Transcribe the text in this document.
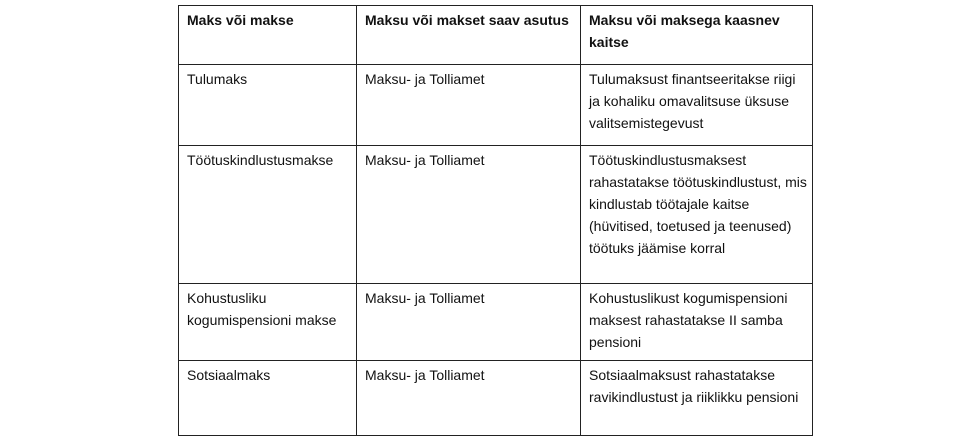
Maks või makse	Maksu või makset saav asutus	Maksu või maksega kaasnev kaitse
Tulumaks	Maksu- ja Tolliamet	Tulumaksust finantseeritakse riigi ja kohaliku omavalitsuse üksuse valitsemistegevust
Töötuskindlustusmakse	Maksu- ja Tolliamet	Töötuskindlustusmaksest rahastatakse töötuskindlustust, mis kindlustab töötajale kaitse (hüvitised, toetused ja teenused) töötuks jäämise korral
Kohustusliku kogumispensioni makse	Maksu- ja Tolliamet	Kohustuslikust kogumispensioni maksest rahastatakse II samba pensioni
Sotsiaalmaks	Maksu- ja Tolliamet	Sotsiaalmaksust rahastatakse ravikindlustust ja riiklikku pensioni
